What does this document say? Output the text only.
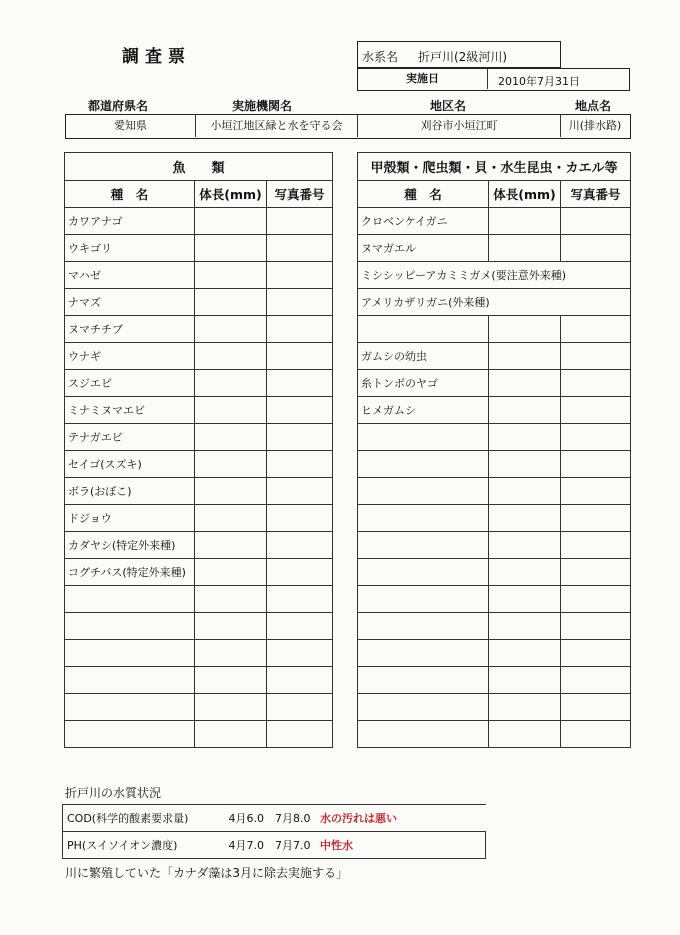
調査票	水系名 折戸川(2級河川)
実施日	2010年7月31日
都道府県名	実施機関名	地区名	地点名
愛知県	小垣江地区緑と水を守る会	刈谷市小垣江町	川(排水路)
魚　　類		
種　名	体長(mm)	写真番号
カワアナゴ		
ウキゴリ		
マハゼ		
ナマズ		
ヌマチチブ		
ウナギ		
スジエビ		
ミナミヌマエビ		
テナガエビ		
セイゴ(スズキ)		
ボラ(おぼこ)		
ドジョウ		
カダヤシ(特定外来種)		
コグチバス(特定外来種)		

甲殻類・爬虫類・貝・水生昆虫・カエル等		
種　名	体長(mm)	写真番号
クロベンケイガニ		
ヌマガエル		
ミシシッピーアカミミガメ(要注意外来種)		
アメリカザリガニ(外来種)		

ガムシの幼虫		
糸トンボのヤゴ		
ヒメガムシ		

折戸川の水質状況
COD(科学的酸素要求量)	4月6.0　7月8.0 水の汚れは悪い
PH(スイソイオン濃度)	4月7.0　7月7.0 中性水
川に繁殖していた「カナダ藻は3月に除去実施する」
